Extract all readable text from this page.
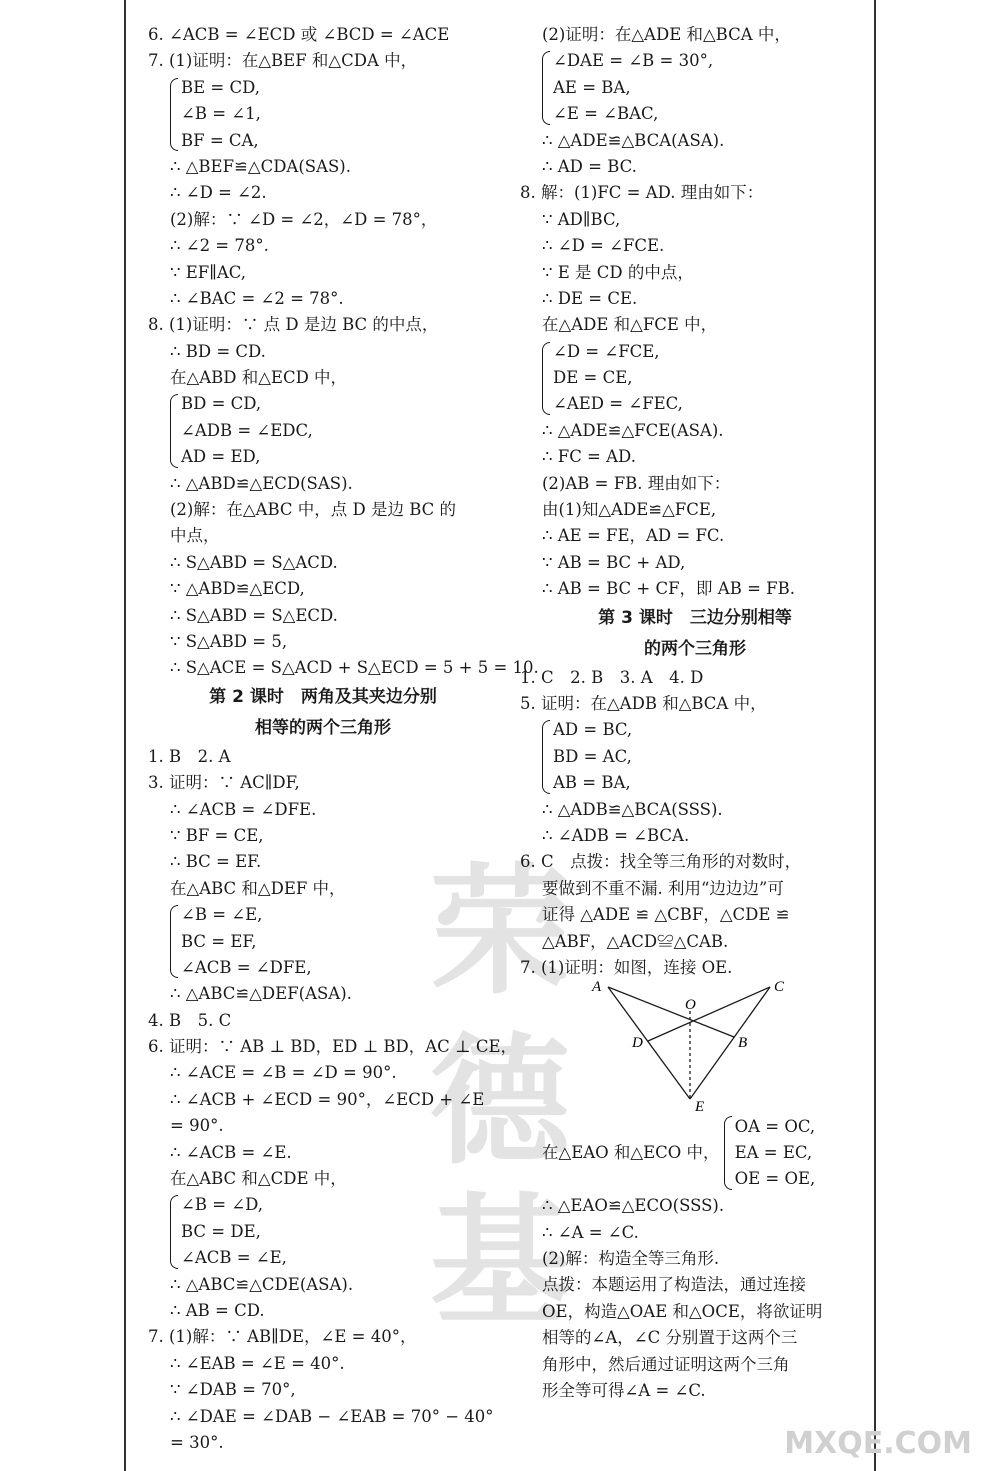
荣
德
基
MXQE.COM
6. ∠ACB = ∠ECD 或 ∠BCD = ∠ACE
7. (1)证明：在△BEF 和△CDA 中，
BE = CD,
∠B = ∠1,
BF = CA,
∴ △BEF≌△CDA(SAS).
∴ ∠D = ∠2.
(2)解：∵ ∠D = ∠2，∠D = 78°，
∴ ∠2 = 78°.
∵ EF∥AC,
∴ ∠BAC = ∠2 = 78°.
8. (1)证明：∵ 点 D 是边 BC 的中点，
∴ BD = CD.
在△ABD 和△ECD 中，
BD = CD,
∠ADB = ∠EDC,
AD = ED,
∴ △ABD≌△ECD(SAS).
(2)解：在△ABC 中，点 D 是边 BC 的
中点，
∴ S△ABD = S△ACD.
∵ △ABD≌△ECD,
∴ S△ABD = S△ECD.
∵ S△ABD = 5,
∴ S△ACE = S△ACD + S△ECD = 5 + 5 = 10.
第 2 课时　两角及其夹边分别
相等的两个三角形
1. B　2. A
3. 证明：∵ AC∥DF,
∴ ∠ACB = ∠DFE.
∵ BF = CE,
∴ BC = EF.
在△ABC 和△DEF 中，
∠B = ∠E,
BC = EF,
∠ACB = ∠DFE,
∴ △ABC≌△DEF(ASA).
4. B　5. C
6. 证明：∵ AB ⊥ BD，ED ⊥ BD，AC ⊥ CE，
∴ ∠ACE = ∠B = ∠D = 90°.
∴ ∠ACB + ∠ECD = 90°，∠ECD + ∠E
= 90°.
∴ ∠ACB = ∠E.
在△ABC 和△CDE 中，
∠B = ∠D,
BC = DE,
∠ACB = ∠E,
∴ △ABC≌△CDE(ASA).
∴ AB = CD.
7. (1)解：∵ AB∥DE，∠E = 40°，
∴ ∠EAB = ∠E = 40°.
∵ ∠DAB = 70°,
∴ ∠DAE = ∠DAB − ∠EAB = 70° − 40°
= 30°.
(2)证明：在△ADE 和△BCA 中，
∠DAE = ∠B = 30°,
AE = BA,
∠E = ∠BAC,
∴ △ADE≌△BCA(ASA).
∴ AD = BC.
8. 解：(1)FC = AD. 理由如下：
∵ AD∥BC,
∴ ∠D = ∠FCE.
∵ E 是 CD 的中点，
∴ DE = CE.
在△ADE 和△FCE 中，
∠D = ∠FCE,
DE = CE,
∠AED = ∠FEC,
∴ △ADE≌△FCE(ASA).
∴ FC = AD.
(2)AB = FB. 理由如下：
由(1)知△ADE≌△FCE,
∴ AE = FE，AD = FC.
∵ AB = BC + AD,
∴ AB = BC + CF，即 AB = FB.
第 3 课时　三边分别相等
的两个三角形
1. C　2. B　3. A　4. D
5. 证明：在△ADB 和△BCA 中，
AD = BC,
BD = AC,
AB = BA,
∴ △ADB≌△BCA(SSS).
∴ ∠ADB = ∠BCA.
6. C　点拨：找全等三角形的对数时，
要做到不重不漏. 利用“边边边”可
证得 △ADE ≌ △CBF，△CDE ≌
△ABF，△ACD≌△CAB.
7. (1)证明：如图，连接 OE.
A	C
O
D	B
E
在△EAO 和△ECO 中，
OA = OC,
EA = EC,
OE = OE,
∴ △EAO≌△ECO(SSS).
∴ ∠A = ∠C.
(2)解：构造全等三角形.
点拨：本题运用了构造法，通过连接
OE，构造△OAE 和△OCE，将欲证明
相等的∠A，∠C 分别置于这两个三
角形中，然后通过证明这两个三角
形全等可得∠A = ∠C.
